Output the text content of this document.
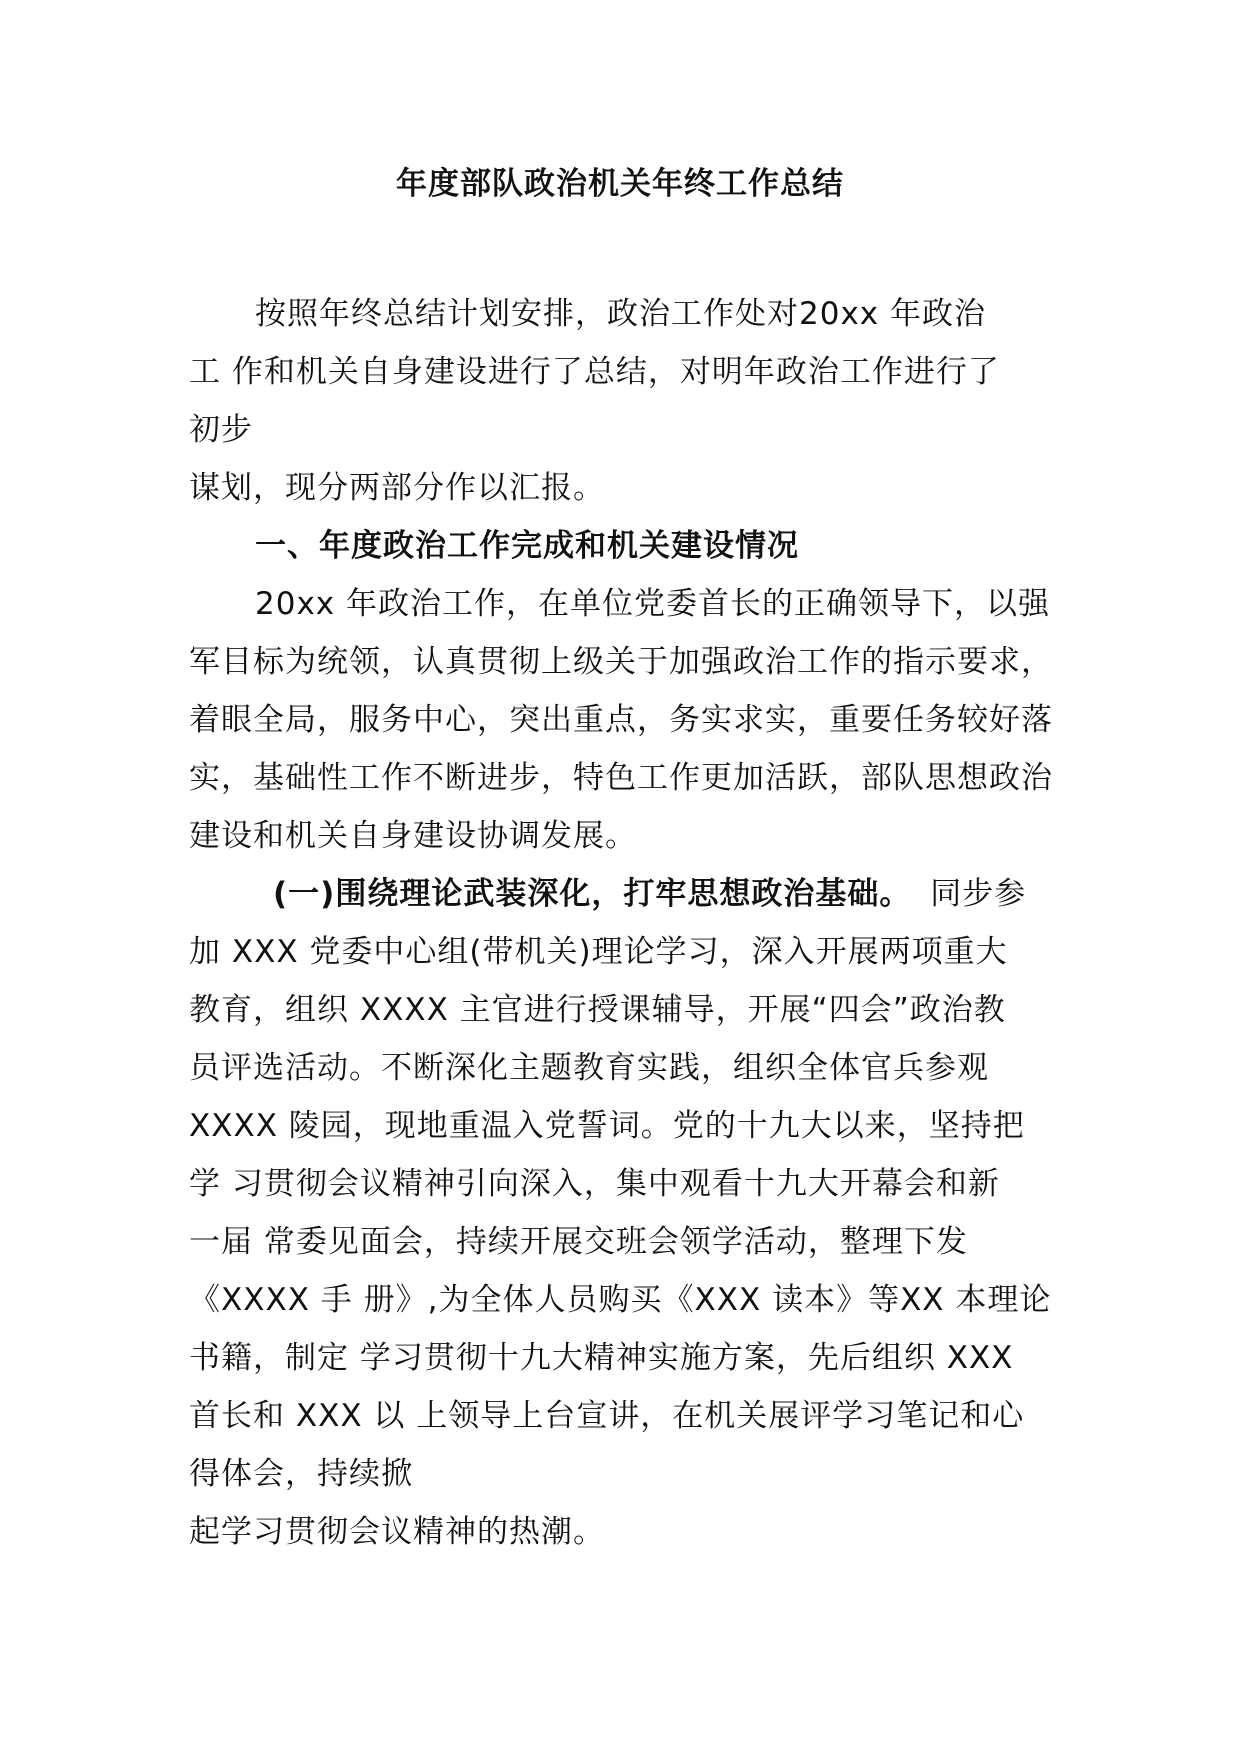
年度部队政治机关年终工作总结
按照年终总结计划安排，政治工作处对20xx 年政治
工 作和机关自身建设进行了总结，对明年政治工作进行了
初步
谋划，现分两部分作以汇报。
一、年度政治工作完成和机关建设情况
20xx 年政治工作，在单位党委首长的正确领导下，以强
军目标为统领，认真贯彻上级关于加强政治工作的指示要求，
着眼全局，服务中心，突出重点，务实求实，重要任务较好落
实，基础性工作不断进步，特色工作更加活跃，部队思想政治
建设和机关自身建设协调发展。
(一)围绕理论武装深化，打牢思想政治基础。 同步参
加 XXX 党委中心组(带机关)理论学习，深入开展两项重大
教育，组织 XXXX 主官进行授课辅导，开展“四会”政治教
员评选活动。不断深化主题教育实践，组织全体官兵参观
XXXX 陵园，现地重温入党誓词。党的十九大以来，坚持把
学 习贯彻会议精神引向深入，集中观看十九大开幕会和新
一届 常委见面会，持续开展交班会领学活动，整理下发
《XXXX 手 册》,为全体人员购买《XXX 读本》等XX 本理论
书籍，制定 学习贯彻十九大精神实施方案，先后组织 XXX
首长和 XXX 以 上领导上台宣讲，在机关展评学习笔记和心
得体会，持续掀
起学习贯彻会议精神的热潮。
